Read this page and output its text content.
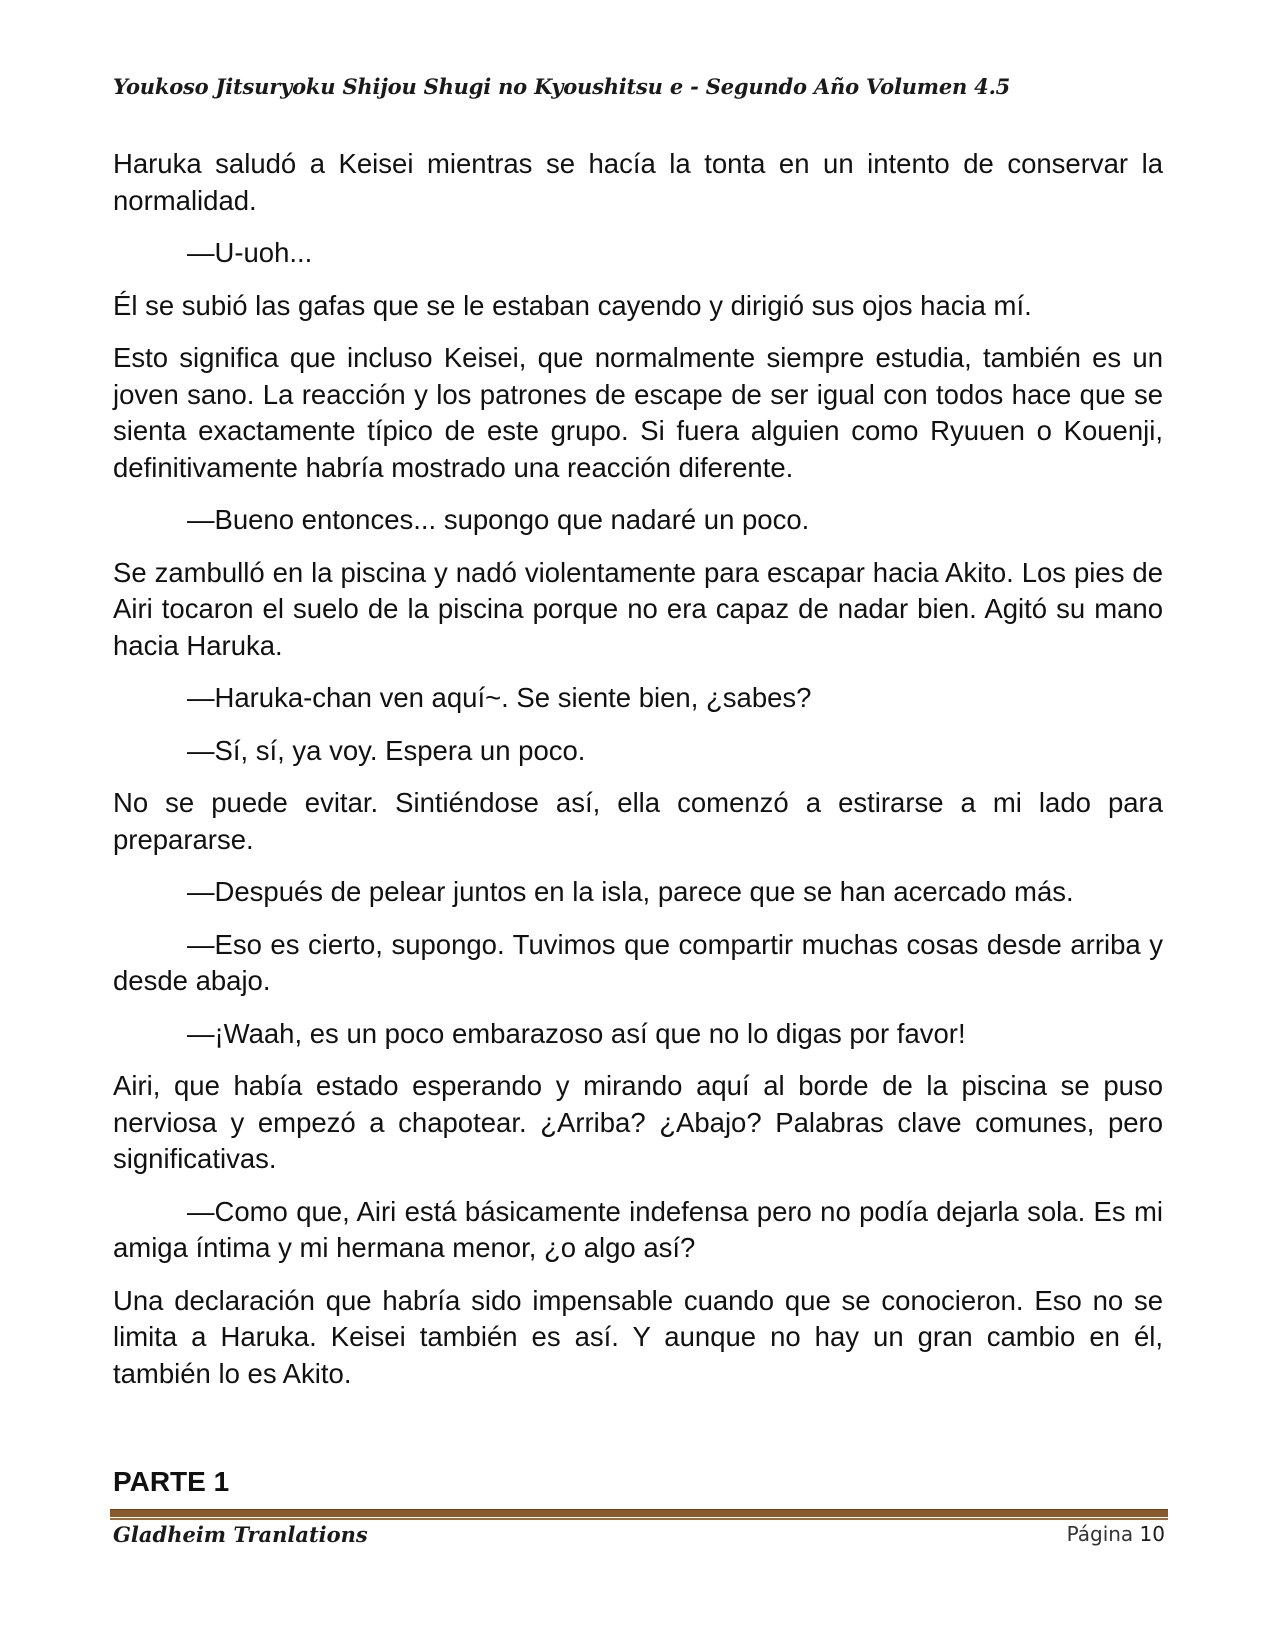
Youkoso Jitsuryoku Shijou Shugi no Kyoushitsu e - Segundo Año Volumen 4.5

Haruka saludó a Keisei mientras se hacía la tonta en un intento de conservar la normalidad.

—U-uoh...

Él se subió las gafas que se le estaban cayendo y dirigió sus ojos hacia mí.

Esto significa que incluso Keisei, que normalmente siempre estudia, también es un joven sano. La reacción y los patrones de escape de ser igual con todos hace que se sienta exactamente típico de este grupo. Si fuera alguien como Ryuuen o Kouenji, definitivamente habría mostrado una reacción diferente.

—Bueno entonces... supongo que nadaré un poco.

Se zambulló en la piscina y nadó violentamente para escapar hacia Akito. Los pies de Airi tocaron el suelo de la piscina porque no era capaz de nadar bien. Agitó su mano hacia Haruka.

—Haruka-chan ven aquí~. Se siente bien, ¿sabes?

—Sí, sí, ya voy. Espera un poco.

No se puede evitar. Sintiéndose así, ella comenzó a estirarse a mi lado para prepararse.

—Después de pelear juntos en la isla, parece que se han acercado más.

—Eso es cierto, supongo. Tuvimos que compartir muchas cosas desde arriba y desde abajo.

—¡Waah, es un poco embarazoso así que no lo digas por favor!

Airi, que había estado esperando y mirando aquí al borde de la piscina se puso nerviosa y empezó a chapotear. ¿Arriba? ¿Abajo? Palabras clave comunes, pero significativas.

—Como que, Airi está básicamente indefensa pero no podía dejarla sola. Es mi amiga íntima y mi hermana menor, ¿o algo así?

Una declaración que habría sido impensable cuando que se conocieron. Eso no se limita a Haruka. Keisei también es así. Y aunque no hay un gran cambio en él, también lo es Akito.

PARTE 1
Gladheim Tranlations	Página 10
